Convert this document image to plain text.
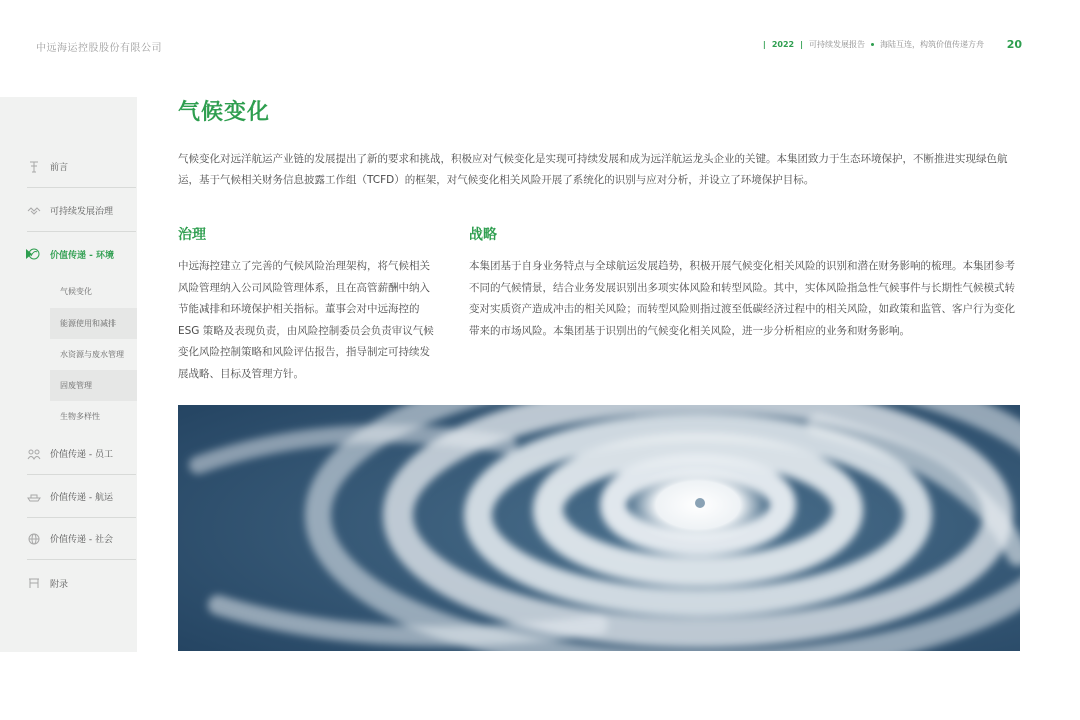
中远海运控股股份有限公司	| 2022 | 可持续发展报告 海陆互连，构筑价值传递方舟 20
前言
可持续发展治理
价值传递 - 环境
气候变化
能源使用和减排
水资源与废水管理
固废管理
生物多样性
价值传递 - 员工
价值传递 - 航运
价值传递 - 社会
附录
气候变化

气候变化对远洋航运产业链的发展提出了新的要求和挑战，积极应对气候变化是实现可持续发展和成为远洋航运龙头企业的关键。本集团致力于生态环境保护，不断推进实现绿色航运，基于气候相关财务信息披露工作组（TCFD）的框架，对气候变化相关风险开展了系统化的识别与应对分析，并设立了环境保护目标。

治理

中远海控建立了完善的气候风险治理架构，将气候相关风险管理纳入公司风险管理体系，且在高管薪酬中纳入节能减排和环境保护相关指标。董事会对中远海控的 ESG 策略及表现负责，由风险控制委员会负责审议气候变化风险控制策略和风险评估报告，指导制定可持续发展战略、目标及管理方针。

战略

本集团基于自身业务特点与全球航运发展趋势，积极开展气候变化相关风险的识别和潜在财务影响的梳理。本集团参考不同的气候情景，结合业务发展识别出多项实体风险和转型风险。其中，实体风险指急性气候事件与长期性气候模式转变对实质资产造成冲击的相关风险；而转型风险则指过渡至低碳经济过程中的相关风险，如政策和监管、客户行为变化带来的市场风险。本集团基于识别出的气候变化相关风险，进一步分析相应的业务和财务影响。
